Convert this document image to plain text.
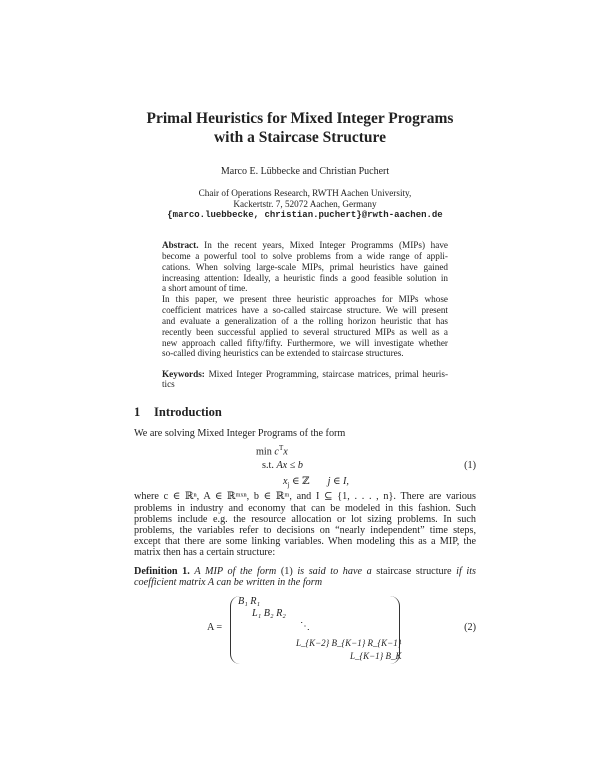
Primal Heuristics for Mixed Integer Programs
with a Staircase Structure
Marco E. Lübbecke and Christian Puchert
Chair of Operations Research, RWTH Aachen University,
Kackertstr. 7, 52072 Aachen, Germany
{marco.luebbecke, christian.puchert}@rwth-aachen.de
Abstract. In the recent years, Mixed Integer Programms (MIPs) have
become a powerful tool to solve problems from a wide range of appli-
cations. When solving large-scale MIPs, primal heuristics have gained
increasing attention: Ideally, a heuristic finds a good feasible solution in
a short amount of time.
In this paper, we present three heuristic approaches for MIPs whose
coefficient matrices have a so-called staircase structure. We will present
and evaluate a generalization of a the rolling horizon heuristic that has
recently been successful applied to several structured MIPs as well as a
new approach called fifty/fifty. Furthermore, we will investigate whether
so-called diving heuristics can be extended to staircase structures.
Keywords: Mixed Integer Programming, staircase matrices, primal heuris-
tics
1 Introduction
We are solving Mixed Integer Programs of the form
$\min c^Tx$
s.t. Ax ≤ b
$x_j$ ∈ ℤ j ∈ I,
(1)
where c ∈ ℝⁿ, A ∈ ℝᵐˣⁿ, b ∈ ℝᵐ, and I ⊆ {1, . . . , n}. There are various
problems in industry and economy that can be modeled in this fashion. Such
problems include e.g. the resource allocation or lot sizing problems. In such
problems, the variables refer to decisions on “nearly independent” time steps,
except that there are some linking variables. When modeling this as a MIP, the
matrix then has a certain structure:
Definition 1. A MIP of the form (1) is said to have a staircase structure if its
coefficient matrix A can be written in the form
A =
B₁ R₁
L₁ B₂ R₂
⋱
L_{K−2} B_{K−1} R_{K−1}
L_{K−1} B_K
(2)
